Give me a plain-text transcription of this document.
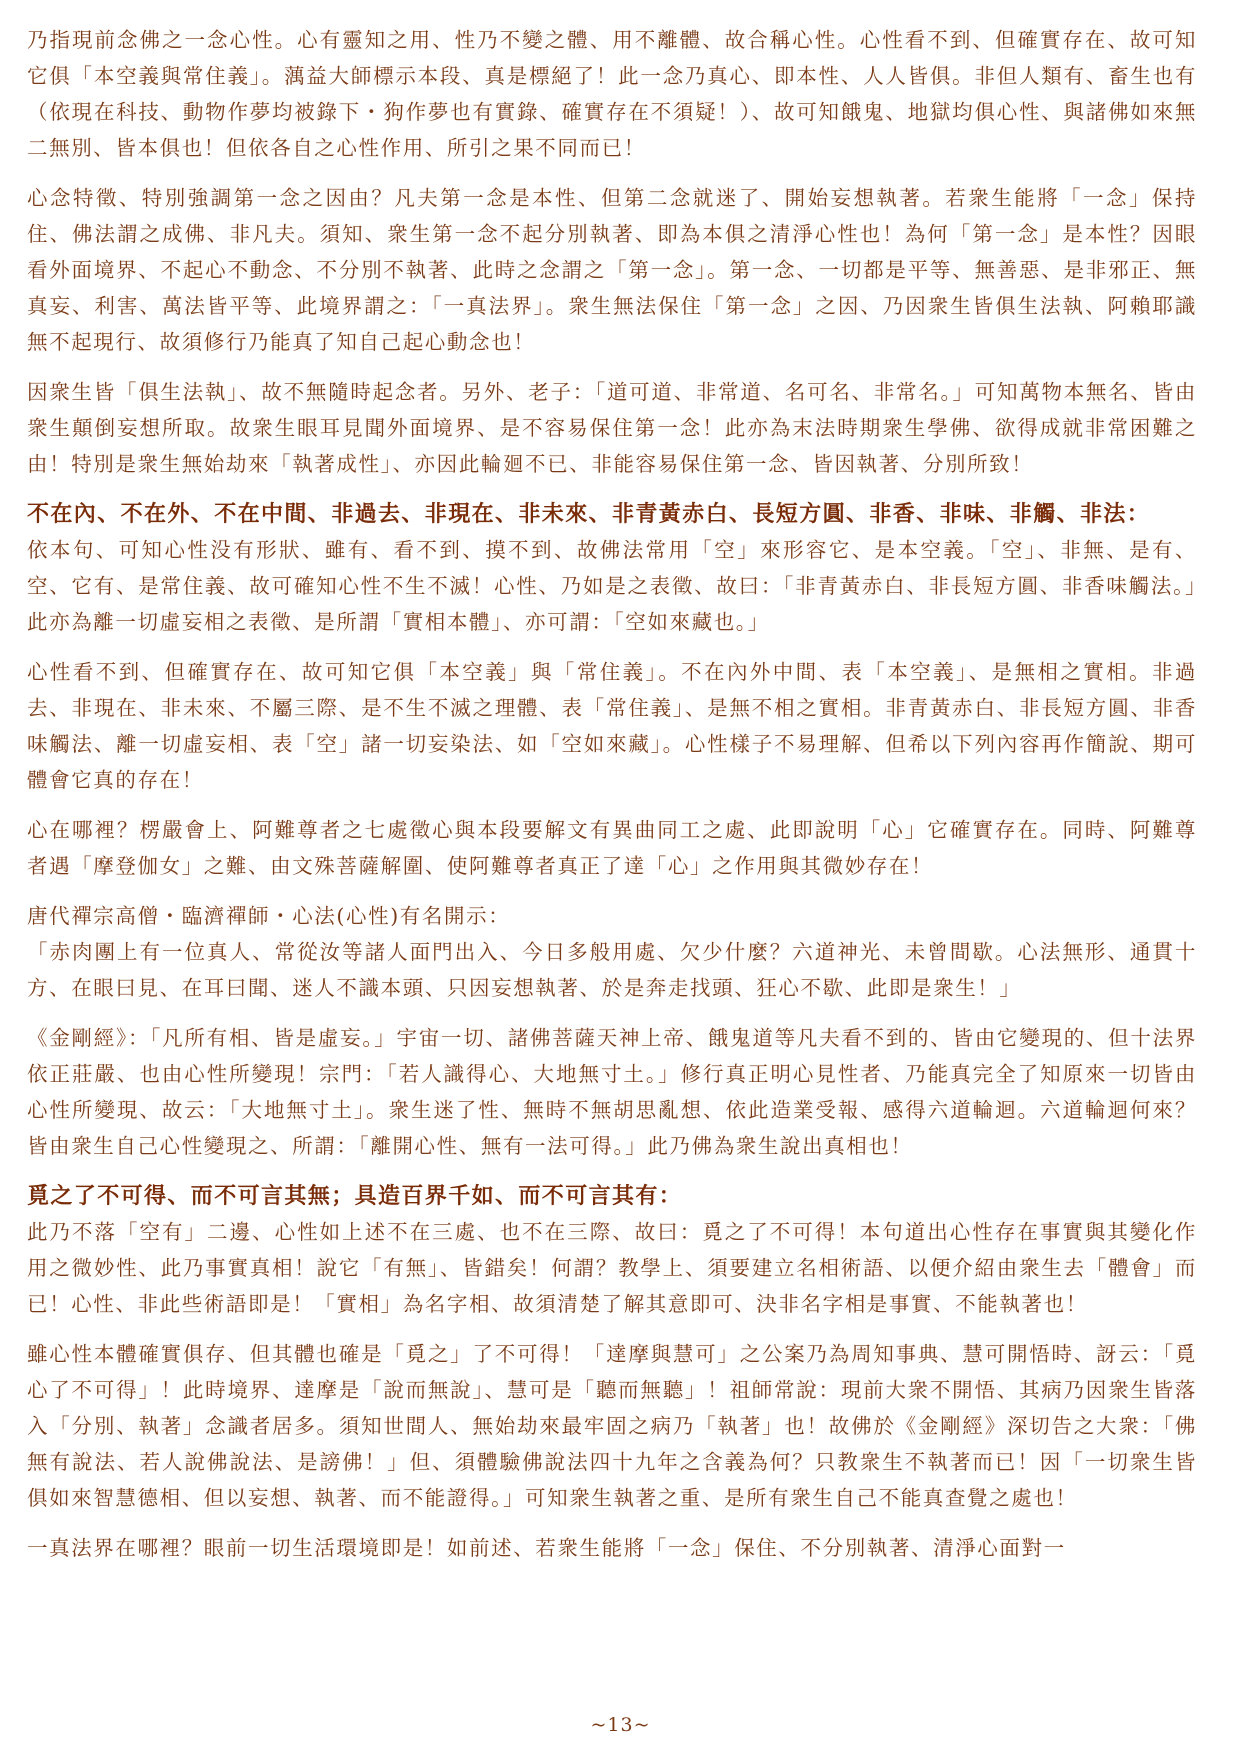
乃指現前念佛之一念心性。心有靈知之用、性乃不變之體、用不離體、故合稱心性。心性看不到、但確實存在、故可知它俱「本空義與常住義」。蕅益大師標示本段、真是標絕了！此一念乃真心、即本性、人人皆俱。非但人類有、畜生也有（依現在科技、動物作夢均被錄下・狗作夢也有實錄、確實存在不須疑！）、故可知餓鬼、地獄均俱心性、與諸佛如來無二無別、皆本俱也！但依各自之心性作用、所引之果不同而已！

心念特徵、特別強調第一念之因由？凡夫第一念是本性、但第二念就迷了、開始妄想執著。若衆生能將「一念」保持住、佛法謂之成佛、非凡夫。須知、衆生第一念不起分別執著、即為本俱之清淨心性也！為何「第一念」是本性？因眼看外面境界、不起心不動念、不分別不執著、此時之念謂之「第一念」。第一念、一切都是平等、無善惡、是非邪正、無真妄、利害、萬法皆平等、此境界謂之：「一真法界」。衆生無法保住「第一念」之因、乃因衆生皆俱生法執、阿賴耶識無不起現行、故須修行乃能真了知自己起心動念也！

因衆生皆「俱生法執」、故不無隨時起念者。另外、老子：「道可道、非常道、名可名、非常名。」可知萬物本無名、皆由衆生顛倒妄想所取。故衆生眼耳見聞外面境界、是不容易保住第一念！此亦為末法時期衆生學佛、欲得成就非常困難之由！特別是衆生無始劫來「執著成性」、亦因此輪廻不已、非能容易保住第一念、皆因執著、分別所致！

不在內、不在外、不在中間、非過去、非現在、非未來、非青黃赤白、長短方圓、非香、非味、非觸、非法：

依本句、可知心性没有形狀、雖有、看不到、摸不到、故佛法常用「空」來形容它、是本空義。「空」、非無、是有、空、它有、是常住義、故可確知心性不生不滅！心性、乃如是之表徵、故曰：「非青黃赤白、非長短方圓、非香味觸法。」此亦為離一切虛妄相之表徵、是所謂「實相本體」、亦可謂：「空如來藏也。」

心性看不到、但確實存在、故可知它俱「本空義」與「常住義」。不在內外中間、表「本空義」、是無相之實相。非過去、非現在、非未來、不屬三際、是不生不滅之理體、表「常住義」、是無不相之實相。非青黃赤白、非長短方圓、非香味觸法、離一切虛妄相、表「空」諸一切妄染法、如「空如來藏」。心性樣子不易理解、但希以下列內容再作簡說、期可體會它真的存在！

心在哪裡？楞嚴會上、阿難尊者之七處徵心與本段要解文有異曲同工之處、此即說明「心」它確實存在。同時、阿難尊者遇「摩登伽女」之難、由文殊菩薩解圍、使阿難尊者真正了達「心」之作用與其微妙存在！

唐代禪宗高僧・臨濟禪師・心法(心性)有名開示：

「赤肉團上有一位真人、常從汝等諸人面門出入、今日多般用處、欠少什麼？六道神光、未曾間歇。心法無形、通貫十方、在眼曰見、在耳曰聞、迷人不識本頭、只因妄想執著、於是奔走找頭、狂心不歇、此即是衆生！」

《金剛經》：「凡所有相、皆是虛妄。」宇宙一切、諸佛菩薩天神上帝、餓鬼道等凡夫看不到的、皆由它變現的、但十法界依正莊嚴、也由心性所變現！宗門：「若人識得心、大地無寸土。」修行真正明心見性者、乃能真完全了知原來一切皆由心性所變現、故云：「大地無寸土」。衆生迷了性、無時不無胡思亂想、依此造業受報、感得六道輪迴。六道輪迴何來？皆由衆生自己心性變現之、所謂：「離開心性、無有一法可得。」此乃佛為衆生說出真相也！

覓之了不可得、而不可言其無；具造百界千如、而不可言其有：

此乃不落「空有」二邊、心性如上述不在三處、也不在三際、故曰：覓之了不可得！本句道出心性存在事實與其變化作用之微妙性、此乃事實真相！說它「有無」、皆錯矣！何謂？教學上、須要建立名相術語、以便介紹由衆生去「體會」而已！心性、非此些術語即是！「實相」為名字相、故須清楚了解其意即可、決非名字相是事實、不能執著也！

雖心性本體確實俱存、但其體也確是「覓之」了不可得！「達摩與慧可」之公案乃為周知事典、慧可開悟時、訝云：「覓心了不可得」！此時境界、達摩是「說而無說」、慧可是「聽而無聽」！祖師常說：現前大衆不開悟、其病乃因衆生皆落入「分別、執著」念識者居多。須知世間人、無始劫來最牢固之病乃「執著」也！故佛於《金剛經》深切告之大衆：「佛無有說法、若人說佛說法、是謗佛！」但、須體驗佛說法四十九年之含義為何？只教衆生不執著而已！因「一切衆生皆俱如來智慧德相、但以妄想、執著、而不能證得。」可知衆生執著之重、是所有衆生自己不能真查覺之處也！

一真法界在哪裡？眼前一切生活環境即是！如前述、若衆生能將「一念」保住、不分別執著、清淨心面對一

~13~
